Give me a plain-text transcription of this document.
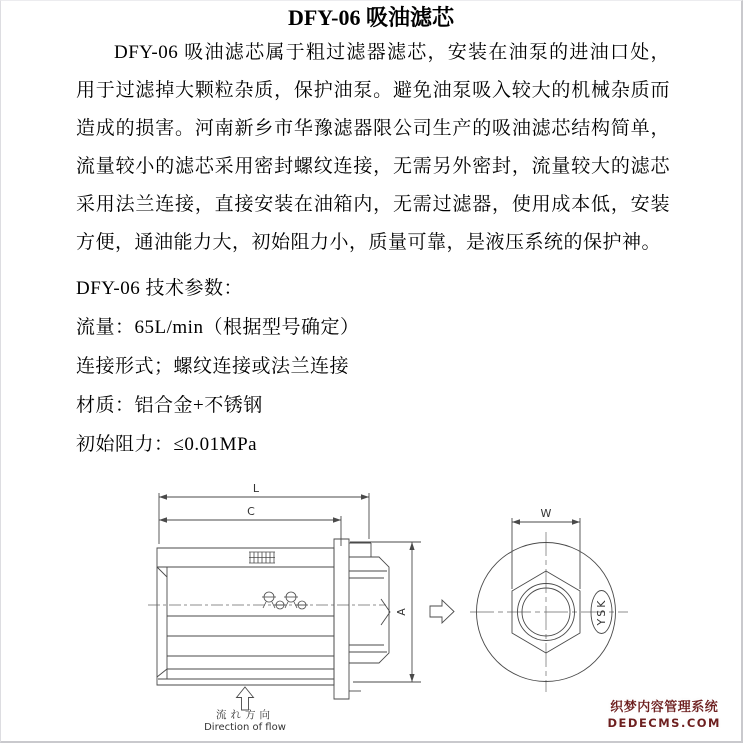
DFY-06 吸油滤芯

DFY-06 吸油滤芯属于粗过滤器滤芯，安装在油泵的进油口处，用于过滤掉大颗粒杂质，保护油泵。避免油泵吸入较大的机械杂质而造成的损害。河南新乡市华豫滤器限公司生产的吸油滤芯结构简单，流量较小的滤芯采用密封螺纹连接，无需另外密封，流量较大的滤芯采用法兰连接，直接安装在油箱内，无需过滤器，使用成本低，安装方便，通油能力大，初始阻力小，质量可靠，是液压系统的保护神。

DFY-06 技术参数：

流量：65L/min（根据型号确定）

连接形式；螺纹连接或法兰连接

材质：铝合金+不锈钢

初始阻力：≤0.01MPa

L
C
A
W
YSK
流れ方向
Direction of flow
织梦内容管理系统
DEDECMS.COM
